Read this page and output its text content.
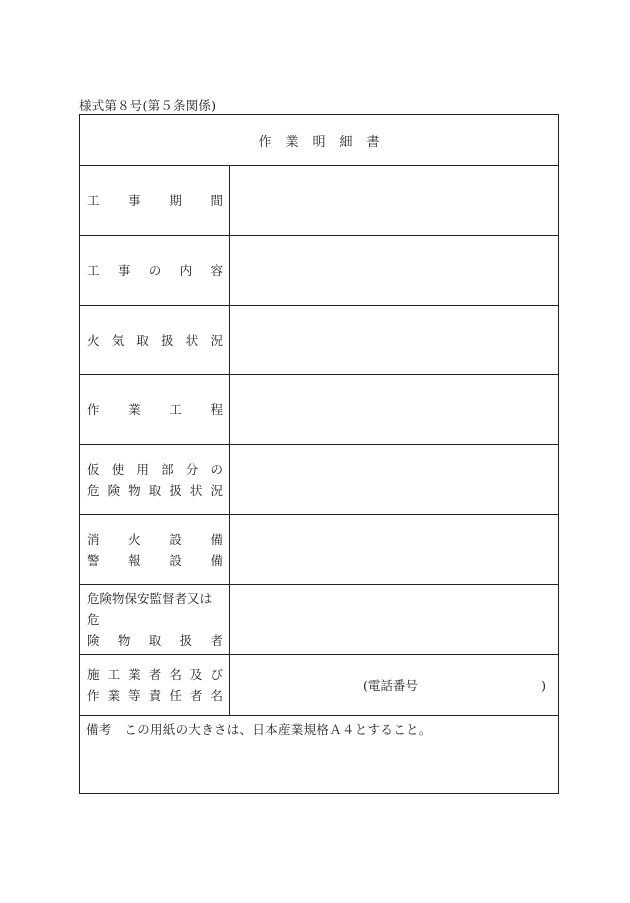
様式第８号(第５条関係)
作業明細書
工 事 期 間
工 事 の 内 容
火 気 取 扱 状 況
作 業 工 程
仮 使 用 部 分 の
危 険 物 取 扱 状 況
消 火 設 備
警 報 設 備
危険物保安監督者又は危
険 物 取 扱 者
施 工 業 者 名 及 び
作 業 等 責 任 者 名
(電話番号	)
備考　この用紙の大きさは、日本産業規格Ａ４とすること。
